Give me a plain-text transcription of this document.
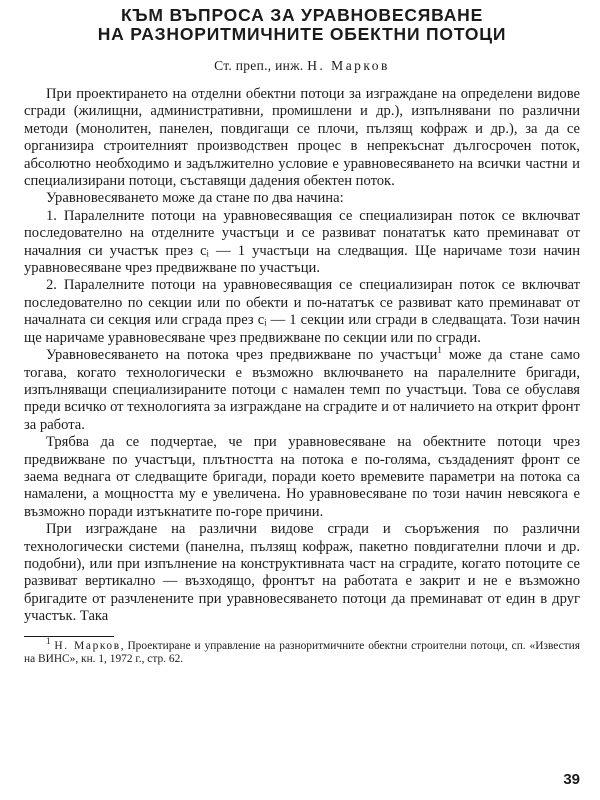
КЪМ ВЪПРОСА ЗА УРАВНОВЕСЯВАНЕ
НА РАЗНОРИТМИЧНИТЕ ОБЕКТНИ ПОТОЦИ
Ст. преп., инж. Н. Марков

При проектирането на отделни обектни потоци за изграждане на определени видове сгради (жилищни, административни, промишлени и др.), изпълнявани по различни методи (монолитен, панелен, повдигащи се плочи, пълзящ кофраж и др.), за да се организира строителният производствен процес в непрекъснат дългосрочен поток, абсолютно необходимо и задължително условие е уравновесяването на всички частни и специализирани потоци, съставящи дадения обектен поток.

Уравновесяването може да стане по два начина:

1. Паралелните потоци на уравновесяващия се специализиран поток се включват последователно на отделните участъци и се развиват понататък като преминават от началния си участък през cᵢ — 1 участъци на следващия. Ще наричаме този начин уравновесяване чрез предвижване по участъци.

2. Паралелните потоци на уравновесяващия се специализиран поток се включват последователно по секции или по обекти и по-нататък се развиват като преминават от началната си секция или сграда през cᵢ — 1 секции или сгради в следващата. Този начин ще наричаме уравновесяване чрез предвижване по секции или по сгради.

Уравновесяването на потока чрез предвижване по участъци$^1$ може да стане само тогава, когато технологически е възможно включването на паралелните бригади, изпълняващи специализираните потоци с намален темп по участъци. Това се обуславя преди всичко от технологията за изграждане на сградите и от наличието на открит фронт за работа.

Трябва да се подчертае, че при уравновесяване на обектните потоци чрез предвижване по участъци, плътността на потока е по-голяма, създаденият фронт се заема веднага от следващите бригади, поради което времевите параметри на потока са намалени, а мощността му е увеличена. Но уравновесяване по този начин невсякога е възможно поради изтъкнатите по-горе причини.

При изграждане на различни видове сгради и съоръжения по различни технологически системи (панелна, пълзящ кофраж, пакетно повдигателни плочи и др. подобни), или при изпълнение на конструктивната част на сградите, когато потоците се развиват вертикално — възходящо, фронтът на работата е закрит и не е възможно бригадите от разчленените при уравновесяването потоци да преминават от един в друг участък. Така

$^1$ Н. Марков, Проектиране и управление на разноритмичните обектни строителни потоци, сп. «Известия на ВИНС», кн. 1, 1972 г., стр. 62.

39
